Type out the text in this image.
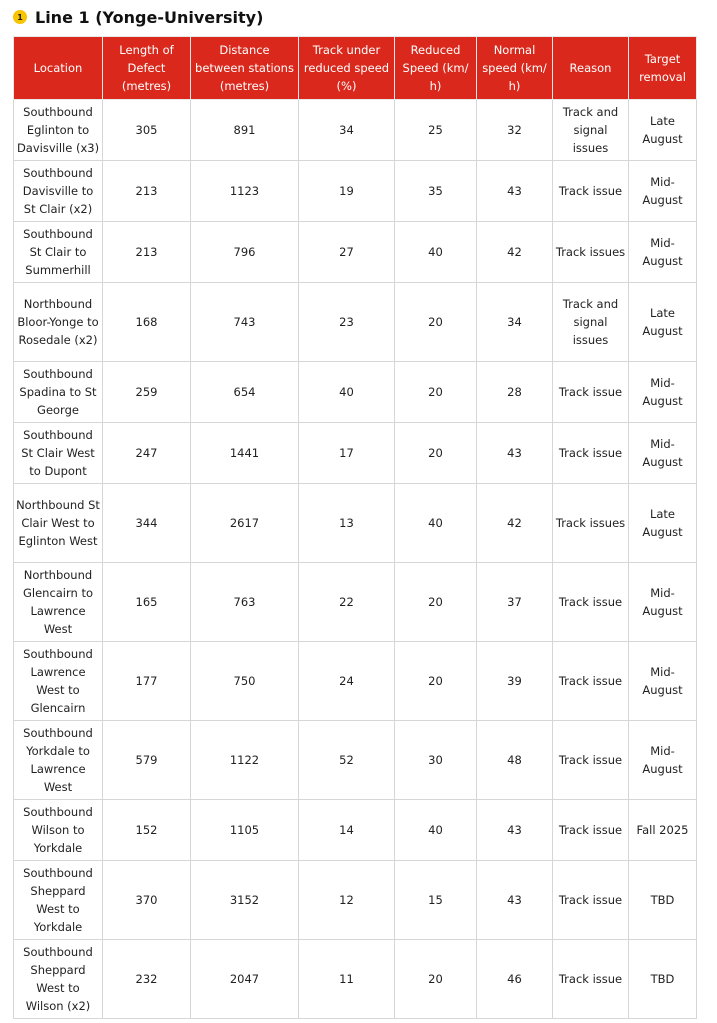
1 Line 1 (Yonge-University)
Location	Length of Defect (metres)	Distance between stations (metres)	Track under reduced speed (%)	Reduced Speed (km/ h)	Normal speed (km/ h)	Reason	Target removal
Southbound Eglinton to Davisville (x3)	305	891	34	25	32	Track and signal issues	Late August
Southbound Davisville to St Clair (x2)	213	1123	19	35	43	Track issue	Mid-August
Southbound St Clair to Summerhill	213	796	27	40	42	Track issues	Mid-August
Northbound Bloor-Yonge to Rosedale (x2)	168	743	23	20	34	Track and signal issues	Late August
Southbound Spadina to St George	259	654	40	20	28	Track issue	Mid-August
Southbound St Clair West to Dupont	247	1441	17	20	43	Track issue	Mid-August
Northbound St Clair West to Eglinton West	344	2617	13	40	42	Track issues	Late August
Northbound Glencairn to Lawrence West	165	763	22	20	37	Track issue	Mid-August
Southbound Lawrence West to Glencairn	177	750	24	20	39	Track issue	Mid-August
Southbound Yorkdale to Lawrence West	579	1122	52	30	48	Track issue	Mid-August
Southbound Wilson to Yorkdale	152	1105	14	40	43	Track issue	Fall 2025
Southbound Sheppard West to Yorkdale	370	3152	12	15	43	Track issue	TBD
Southbound Sheppard West to Wilson (x2)	232	2047	11	20	46	Track issue	TBD
